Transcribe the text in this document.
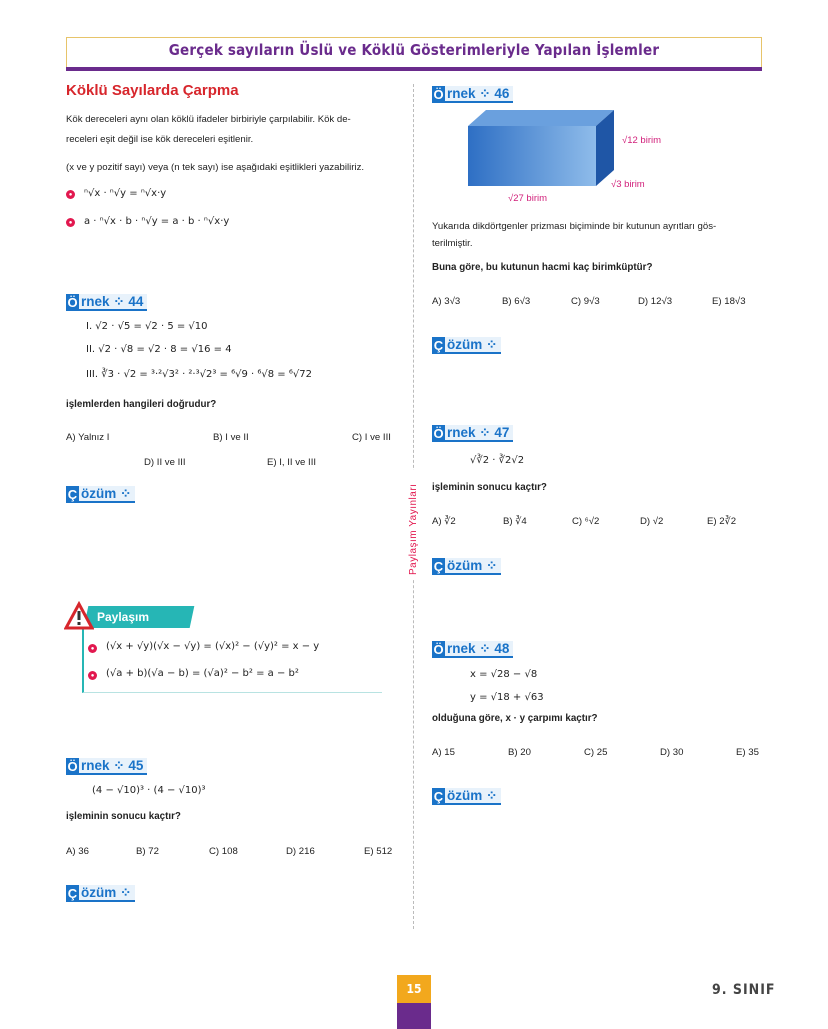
Gerçek sayıların Üslü ve Köklü Gösterimleriyle Yapılan İşlemler
Paylaşım Yayınları
Köklü Sayılarda Çarpma
Kök dereceleri aynı olan köklü ifadeler birbiriyle çarpılabilir. Kök de-
receleri eşit değil ise kök dereceleri eşitlenir.
(x ve y pozitif sayı) veya (n tek sayı) ise aşağıdaki eşitlikleri yazabiliriz.
● ⁿ√x · ⁿ√y = ⁿ√x·y
● a · ⁿ√x · b · ⁿ√y = a · b · ⁿ√x·y
Ö rnek ⁘ 44
I. √2 · √5 = √2 · 5 = √10
II. √2 · √8 = √2 · 8 = √16 = 4
III. ∛3 · √2 = ³·²√3² · ²·³√2³ = ⁶√9 · ⁶√8 = ⁶√72
işlemlerden hangileri doğrudur?
A) Yalnız I	B) I ve II	C) I ve III
D) II ve III	E) I, II ve III
Ç özüm ⁘
Paylaşım
● (√x + √y)(√x − √y) = (√x)² − (√y)² = x − y
● (√a + b)(√a − b) = (√a)² − b² = a − b²
Ö rnek ⁘ 45
(4 − √10)³ · (4 − √10)³
işleminin sonucu kaçtır?
A) 36	B) 72	C) 108	D) 216	E) 512
Ç özüm ⁘
Ö rnek ⁘ 46
√12 birim
√3 birim
√27 birim
Yukarıda dikdörtgenler prizması biçiminde bir kutunun ayrıtları gös-
terilmiştir.
Buna göre, bu kutunun hacmi kaç birimküptür?
A) 3√3	B) 6√3	C) 9√3	D) 12√3	E) 18√3
Ç özüm ⁘
Ö rnek ⁘ 47
√∛2 · ∛2√2
işleminin sonucu kaçtır?
A) ∛2	B) ∛4	C) ⁶√2	D) √2	E) 2∛2
Ç özüm ⁘
Ö rnek ⁘ 48
x = √28 − √8
y = √18 + √63
olduğuna göre, x · y çarpımı kaçtır?
A) 15	B) 20	C) 25	D) 30	E) 35
Ç özüm ⁘
15	9. SINIF
